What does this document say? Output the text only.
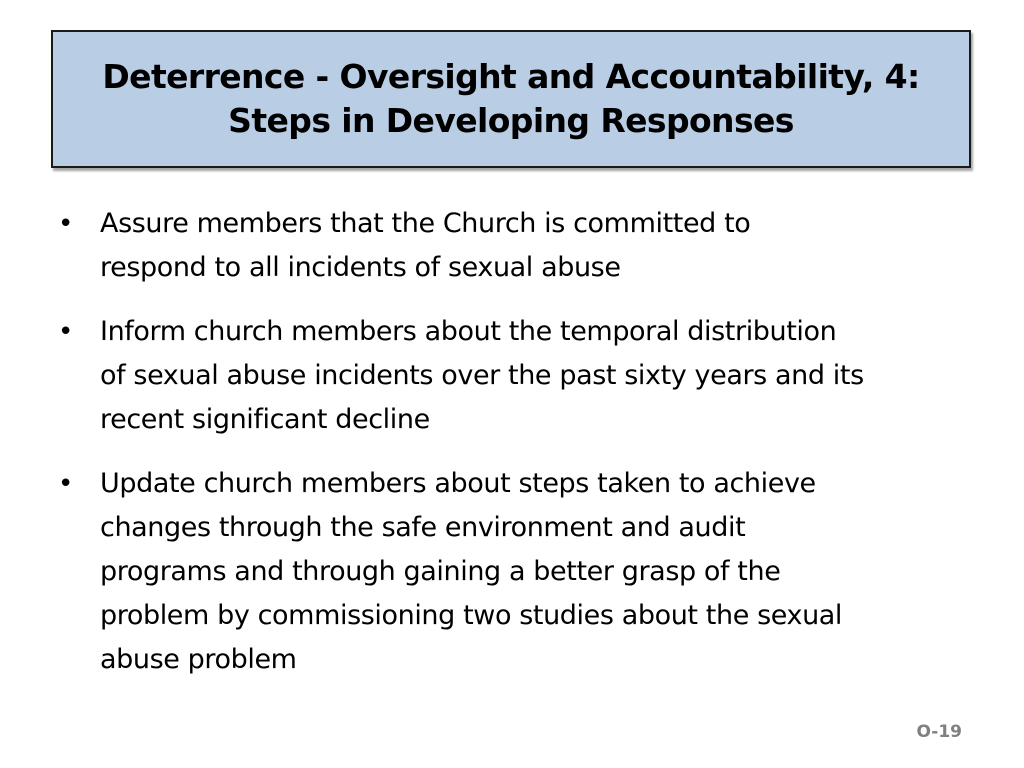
Deterrence - Oversight and Accountability, 4:
Steps in Developing Responses
• Assure members that the Church is committed to
respond to all incidents of sexual abuse
• Inform church members about the temporal distribution
of sexual abuse incidents over the past sixty years and its
recent significant decline
• Update church members about steps taken to achieve
changes through the safe environment and audit
programs and through gaining a better grasp of the
problem by commissioning two studies about the sexual
abuse problem
O-19
